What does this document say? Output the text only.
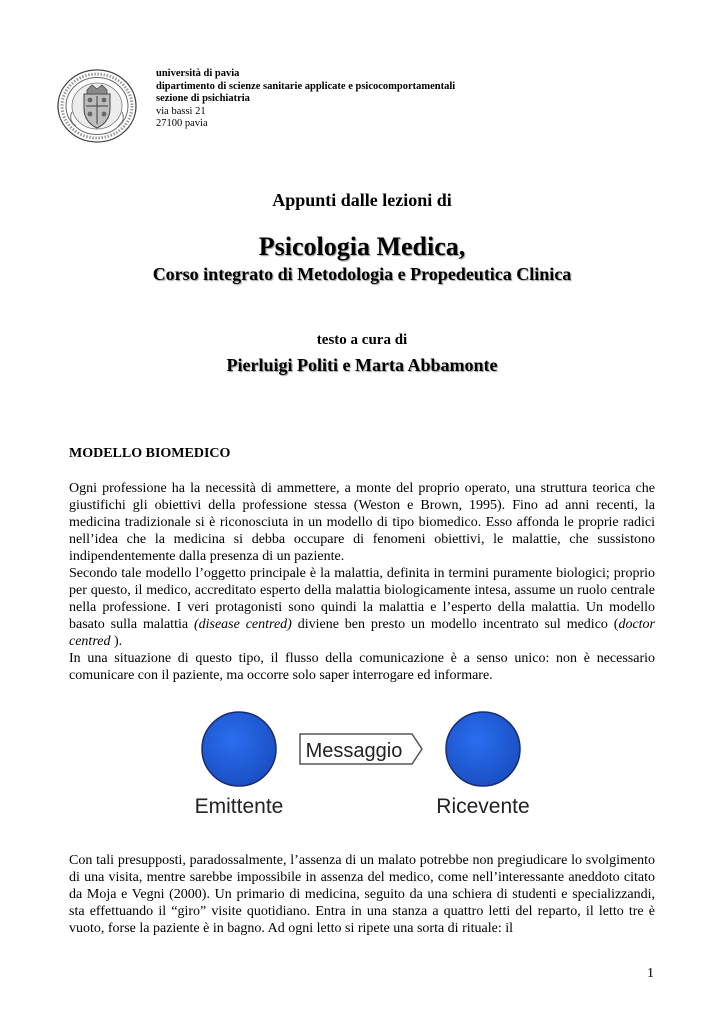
università di pavia
dipartimento di scienze sanitarie applicate e psicocomportamentali
sezione di psichiatria
via bassi 21
27100 pavia
Appunti dalle lezioni di
Psicologia Medica,
Corso integrato di Metodologia e Propedeutica Clinica
testo a cura di
Pierluigi Politi e Marta Abbamonte
MODELLO BIOMEDICO

Ogni professione ha la necessità di ammettere, a monte del proprio operato, una struttura teorica che giustifichi gli obiettivi della professione stessa (Weston e Brown, 1995). Fino ad anni recenti, la medicina tradizionale si è riconosciuta in un modello di tipo biomedico. Esso affonda le proprie radici nell’idea che la medicina si debba occupare di fenomeni obiettivi, le malattie, che sussistono indipendentemente dalla presenza di un paziente.

Secondo tale modello l’oggetto principale è la malattia, definita in termini puramente biologici; proprio per questo, il medico, accreditato esperto della malattia biologicamente intesa, assume un ruolo centrale nella professione. I veri protagonisti sono quindi la malattia e l’esperto della malattia. Un modello basato sulla malattia (disease centred) diviene ben presto un modello incentrato sul medico (doctor centred ).

In una situazione di questo tipo, il flusso della comunicazione è a senso unico: non è necessario comunicare con il paziente, ma occorre solo saper interrogare ed informare.

Messaggio
Emittente	Ricevente

Con tali presupposti, paradossalmente, l’assenza di un malato potrebbe non pregiudicare lo svolgimento di una visita, mentre sarebbe impossibile in assenza del medico, come nell’interessante aneddoto citato da Moja e Vegni (2000). Un primario di medicina, seguito da una schiera di studenti e specializzandi, sta effettuando il “giro” visite quotidiano. Entra in una stanza a quattro letti del reparto, il letto tre è vuoto, forse la paziente è in bagno. Ad ogni letto si ripete una sorta di rituale: il

1
